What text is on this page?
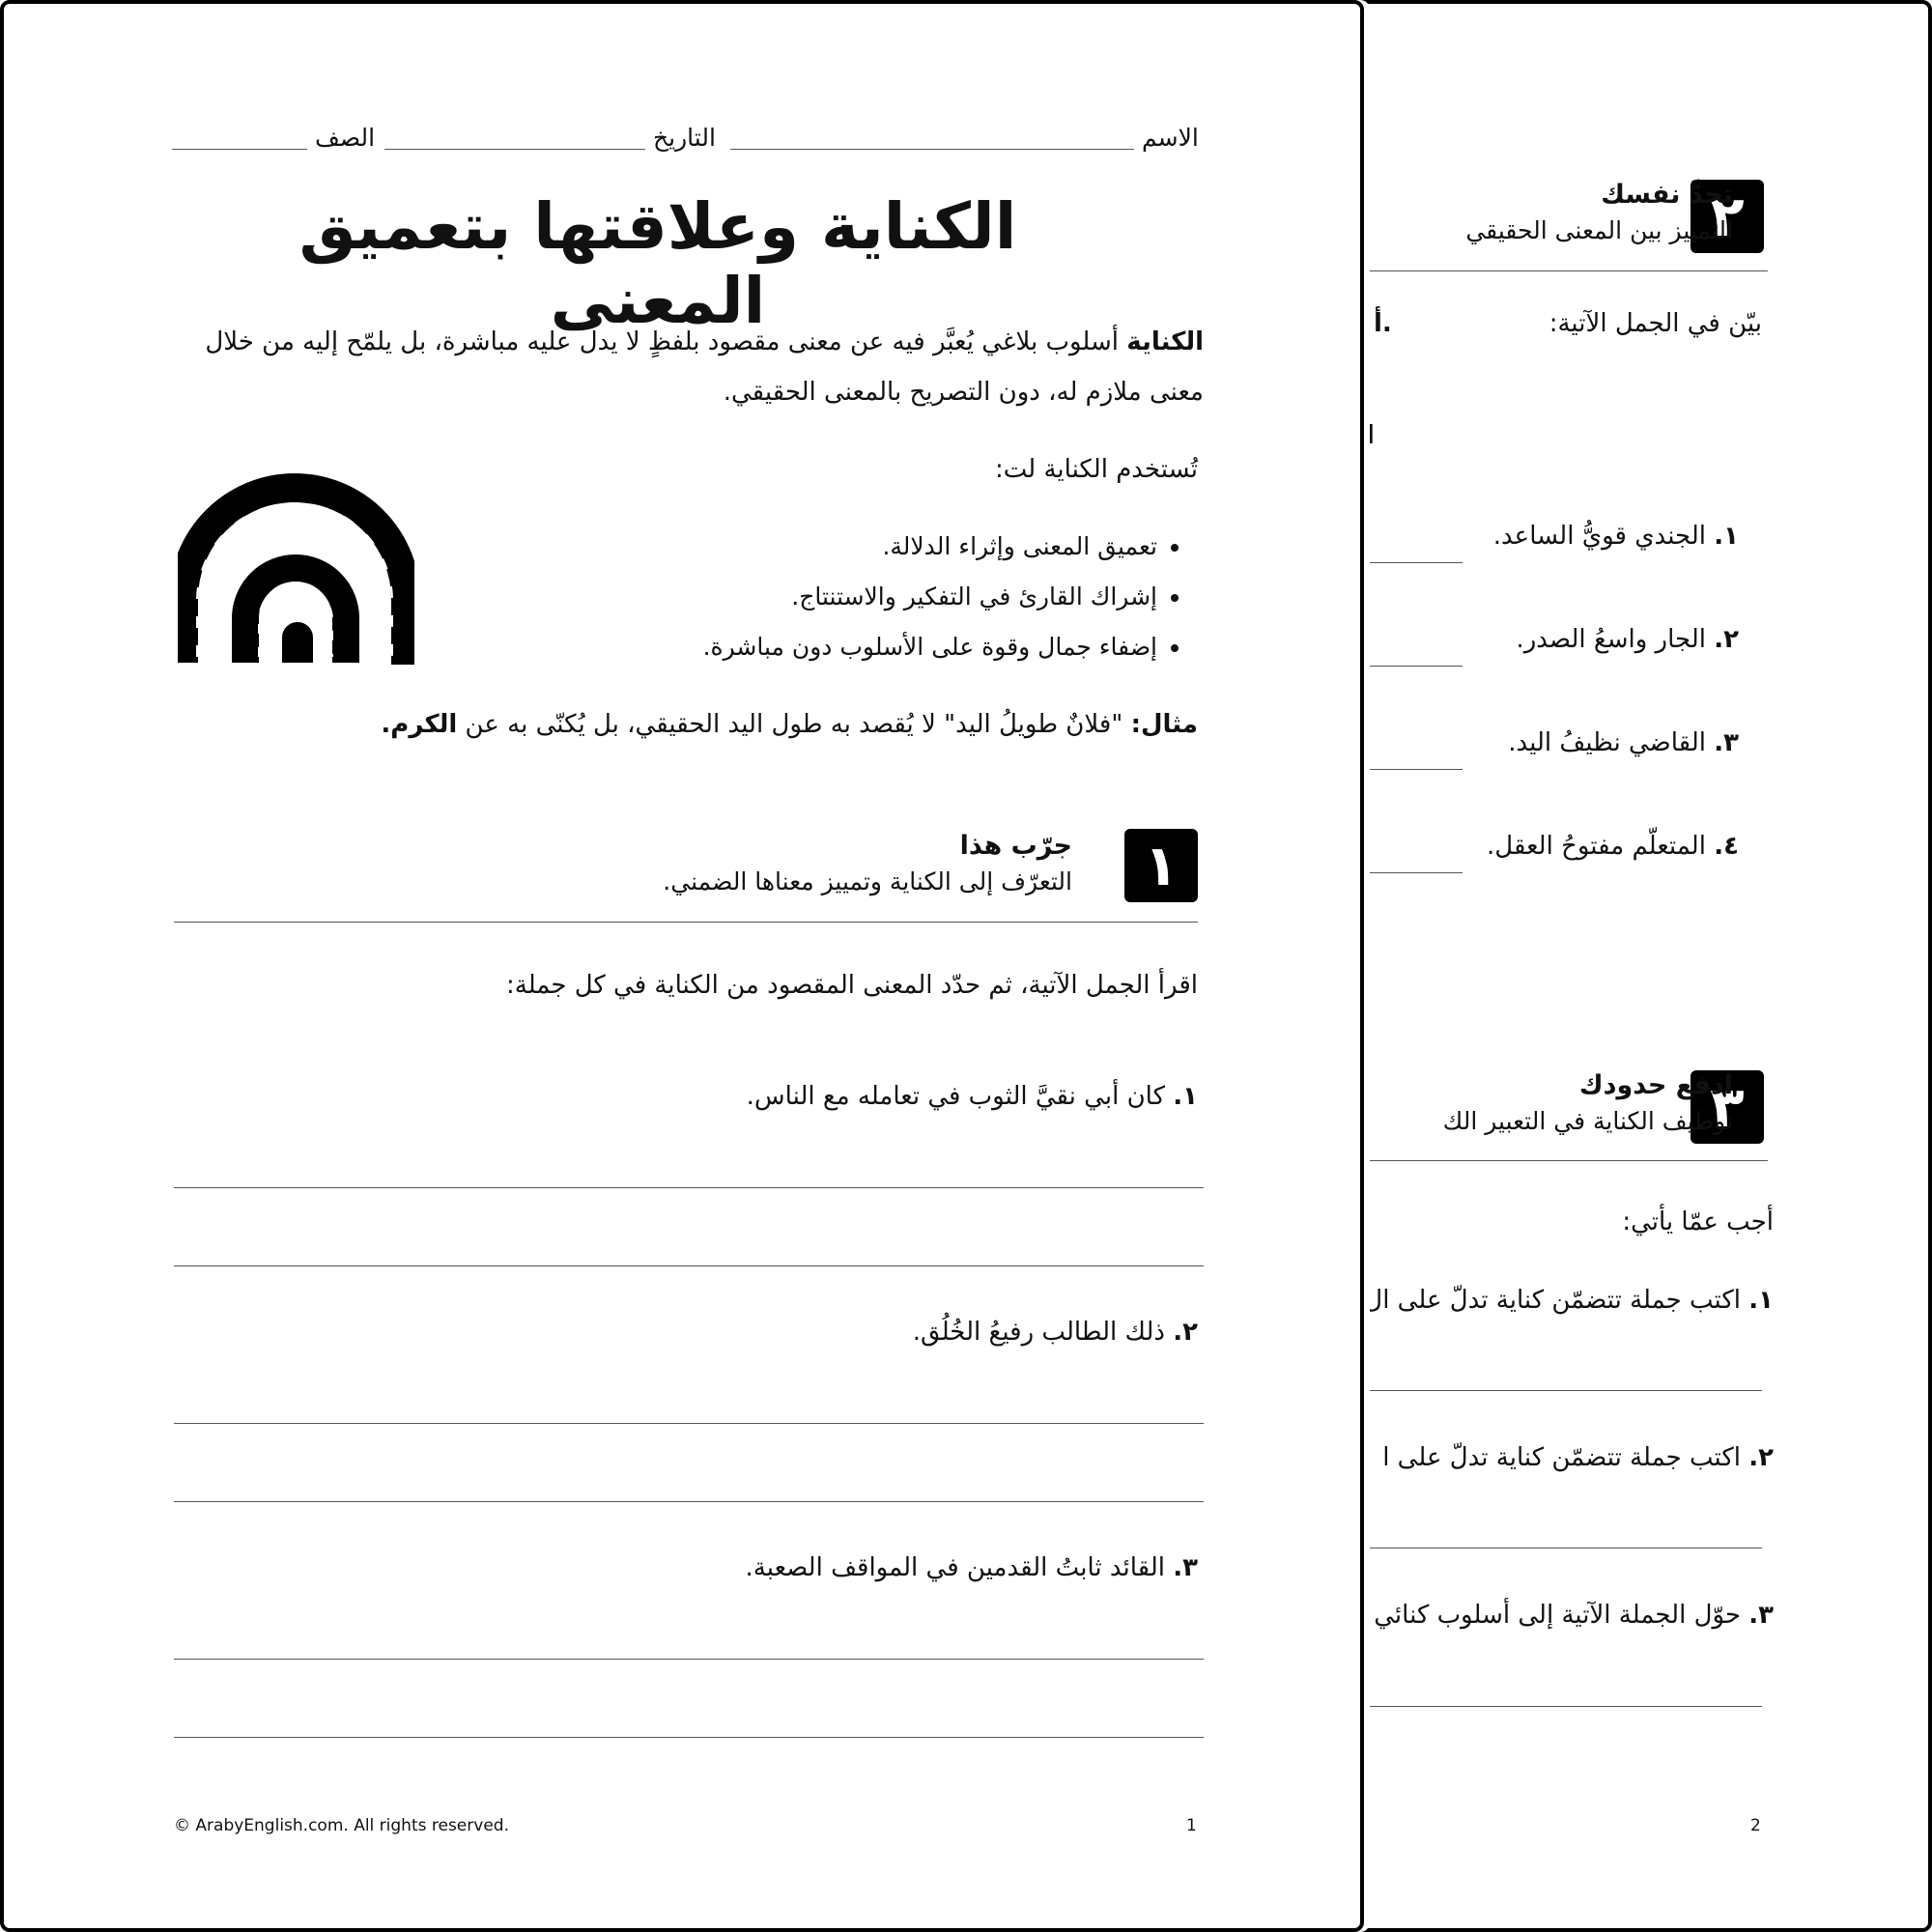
٢
تحدَّ نفسك
التمييز بين المعنى الحقيقي
بيّن في الجمل الآتية:
أ.
ا
١. الجندي قويُّ الساعد.
٢. الجار واسعُ الصدر.
٣. القاضي نظيفُ اليد.
٤. المتعلّم مفتوحُ العقل.
٣
ادفع حدودك
توظيف الكناية في التعبير الك
أجب عمّا يأتي:
١. اكتب جملة تتضمّن كناية تدلّ على ال
٢. اكتب جملة تتضمّن كناية تدلّ على ا
٣. حوّل الجملة الآتية إلى أسلوب كنائي
2
الاسم
التاريخ
الصف
الكناية وعلاقتها بتعميق المعنى
الكناية أسلوب بلاغي يُعبَّر فيه عن معنى مقصود بلفظٍ لا يدل عليه مباشرة، بل يلمّح إليه من خلال معنى ملازم له، دون التصريح بالمعنى الحقيقي.
تُستخدم الكناية لت:
• تعميق المعنى وإثراء الدلالة.
• إشراك القارئ في التفكير والاستنتاج.
• إضفاء جمال وقوة على الأسلوب دون مباشرة.
مثال: "فلانٌ طويلُ اليد" لا يُقصد به طول اليد الحقيقي، بل يُكنّى به عن الكرم.
١
جرّب هذا
التعرّف إلى الكناية وتمييز معناها الضمني.
اقرأ الجمل الآتية، ثم حدّد المعنى المقصود من الكناية في كل جملة:
١. كان أبي نقيَّ الثوب في تعامله مع الناس.
٢. ذلك الطالب رفيعُ الخُلُق.
٣. القائد ثابتُ القدمين في المواقف الصعبة.
© ArabyEnglish.com. All rights reserved.	1
